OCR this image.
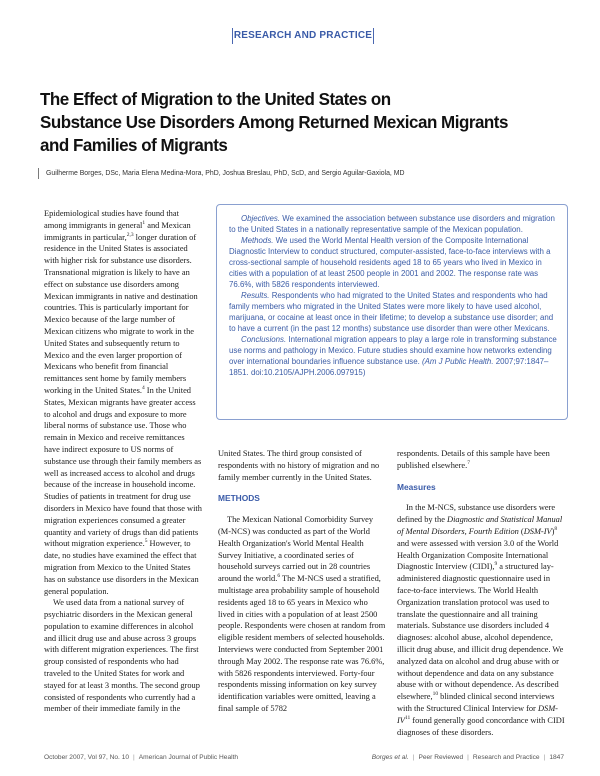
RESEARCH AND PRACTICE
The Effect of Migration to the United States on
Substance Use Disorders Among Returned Mexican Migrants
and Families of Migrants
Guilherme Borges, DSc, Maria Elena Medina-Mora, PhD, Joshua Breslau, PhD, ScD, and Sergio Aguilar-Gaxiola, MD

Epidemiological studies have found that among immigrants in general$^1$ and Mexican immigrants in particular,$^{2,3}$ longer duration of residence in the United States is associated with higher risk for substance use disorders. Transnational migration is likely to have an effect on substance use disorders among Mexican immigrants in native and destination countries. This is particularly important for Mexico because of the large number of Mexican citizens who migrate to work in the United States and subsequently return to Mexico and the even larger proportion of Mexicans who benefit from financial remittances sent home by family members working in the United States.$^4$ In the United States, Mexican migrants have greater access to alcohol and drugs and exposure to more liberal norms of substance use. Those who remain in Mexico and receive remittances have indirect exposure to US norms of substance use through their family members as well as increased access to alcohol and drugs because of the increase in household income. Studies of patients in treatment for drug use disorders in Mexico have found that those with migration experiences consumed a greater quantity and variety of drugs than did patients without migration experience.$^5$ However, to date, no studies have examined the effect that migration from Mexico to the United States has on substance use disorders in the Mexican general population.

We used data from a national survey of psychiatric disorders in the Mexican general population to examine differences in alcohol and illicit drug use and abuse across 3 groups with different migration experiences. The first group consisted of respondents who had traveled to the United States for work and stayed for at least 3 months. The second group consisted of respondents who currently had a member of their immediate family in the

Objectives. We examined the association between substance use disorders and migration to the United States in a nationally representative sample of the Mexican population.

Methods. We used the World Mental Health version of the Composite International Diagnostic Interview to conduct structured, computer-assisted, face-to-face interviews with a cross-sectional sample of household residents aged 18 to 65 years who lived in Mexico in cities with a population of at least 2500 people in 2001 and 2002. The response rate was 76.6%, with 5826 respondents interviewed.

Results. Respondents who had migrated to the United States and respondents who had family members who migrated in the United States were more likely to have used alcohol, marijuana, or cocaine at least once in their lifetime; to develop a substance use disorder; and to have a current (in the past 12 months) substance use disorder than were other Mexicans.

Conclusions. International migration appears to play a large role in transforming substance use norms and pathology in Mexico. Future studies should examine how networks extending over international boundaries influence substance use. (Am J Public Health. 2007;97:1847–1851. doi:10.2105/AJPH.2006.097915)

United States. The third group consisted of respondents with no history of migration and no family member currently in the United States.

METHODS

The Mexican National Comorbidity Survey (M-NCS) was conducted as part of the World Health Organization's World Mental Health Survey Initiative, a coordinated series of household surveys carried out in 28 countries around the world.$^6$ The M-NCS used a stratified, multistage area probability sample of household residents aged 18 to 65 years in Mexico who lived in cities with a population of at least 2500 people. Respondents were chosen at random from eligible resident members of selected households. Interviews were conducted from September 2001 through May 2002. The response rate was 76.6%, with 5826 respondents interviewed. Forty-four respondents missing information on key survey identification variables were omitted, leaving a final sample of 5782

respondents. Details of this sample have been published elsewhere.$^7$

Measures

In the M-NCS, substance use disorders were defined by the Diagnostic and Statistical Manual of Mental Disorders, Fourth Edition $(DSM-IV)^8$ and were assessed with version 3.0 of the World Health Organization Composite International Diagnostic Interview (CIDI),$^9$ a structured lay-administered diagnostic questionnaire used in face-to-face interviews. The World Health Organization translation protocol was used to translate the questionnaire and all training materials. Substance use disorders included 4 diagnoses: alcohol abuse, alcohol dependence, illicit drug abuse, and illicit drug dependence. We analyzed data on alcohol and drug abuse with or without dependence and data on any substance abuse with or without dependence. As described elsewhere,$^{10}$ blinded clinical second interviews with the Structured Clinical Interview for DSM-IV$^{11}$ found generally good concordance with CIDI diagnoses of these disorders.

October 2007, Vol 97, No. 10 | American Journal of Public Health	Borges et al. | Peer Reviewed | Research and Practice | 1847
